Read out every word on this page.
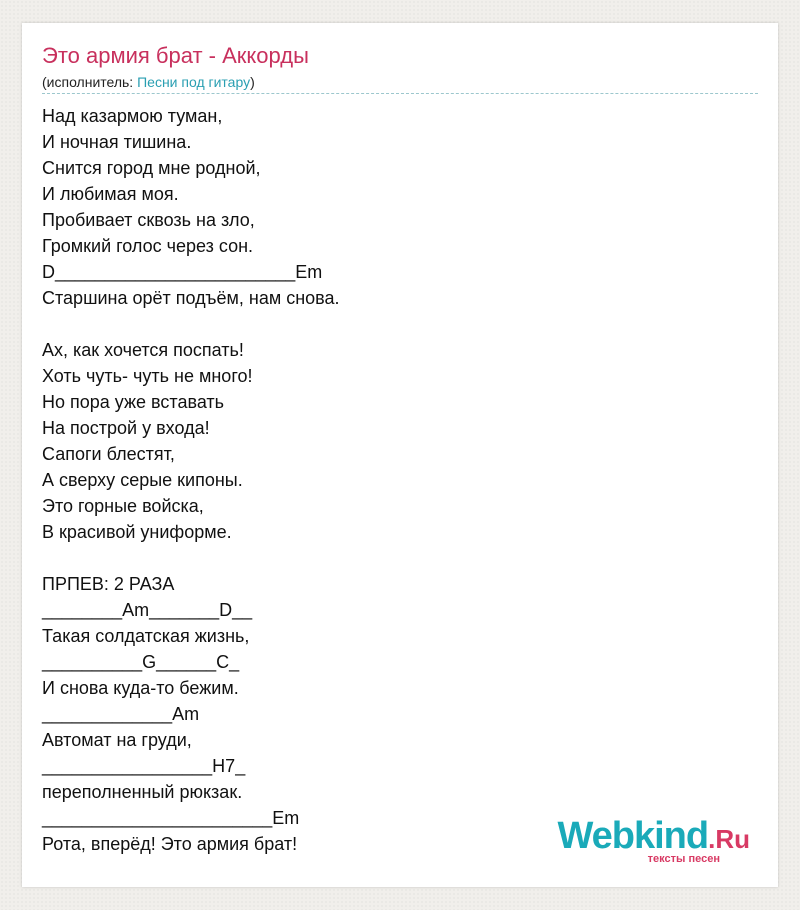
Это армия брат - Аккорды
(исполнитель: Песни под гитару)
Над казармою туман,
И ночная тишина.
Снится город мне родной,
И любимая моя.
Пробивает сквозь на зло,
Громкий голос через сон.
D________________________Em
Старшина орёт подъём, нам снова.
Ах, как хочется поспать!
Хоть чуть- чуть не много!
Но пора уже вставать
На построй у входа!
Сапоги блестят,
А сверху серые кипоны.
Это горные войска,
В красивой униформе.
ПРПЕВ: 2 РАЗА
________Am_______D__
Такая солдатская жизнь,
__________G______C_
И снова куда-то бежим.
_____________Am
Автомат на груди,
_________________H7_
переполненный рюкзак.
_______________________Em
Рота, вперёд! Это армия брат!	Webkind.Ru
тексты песен
